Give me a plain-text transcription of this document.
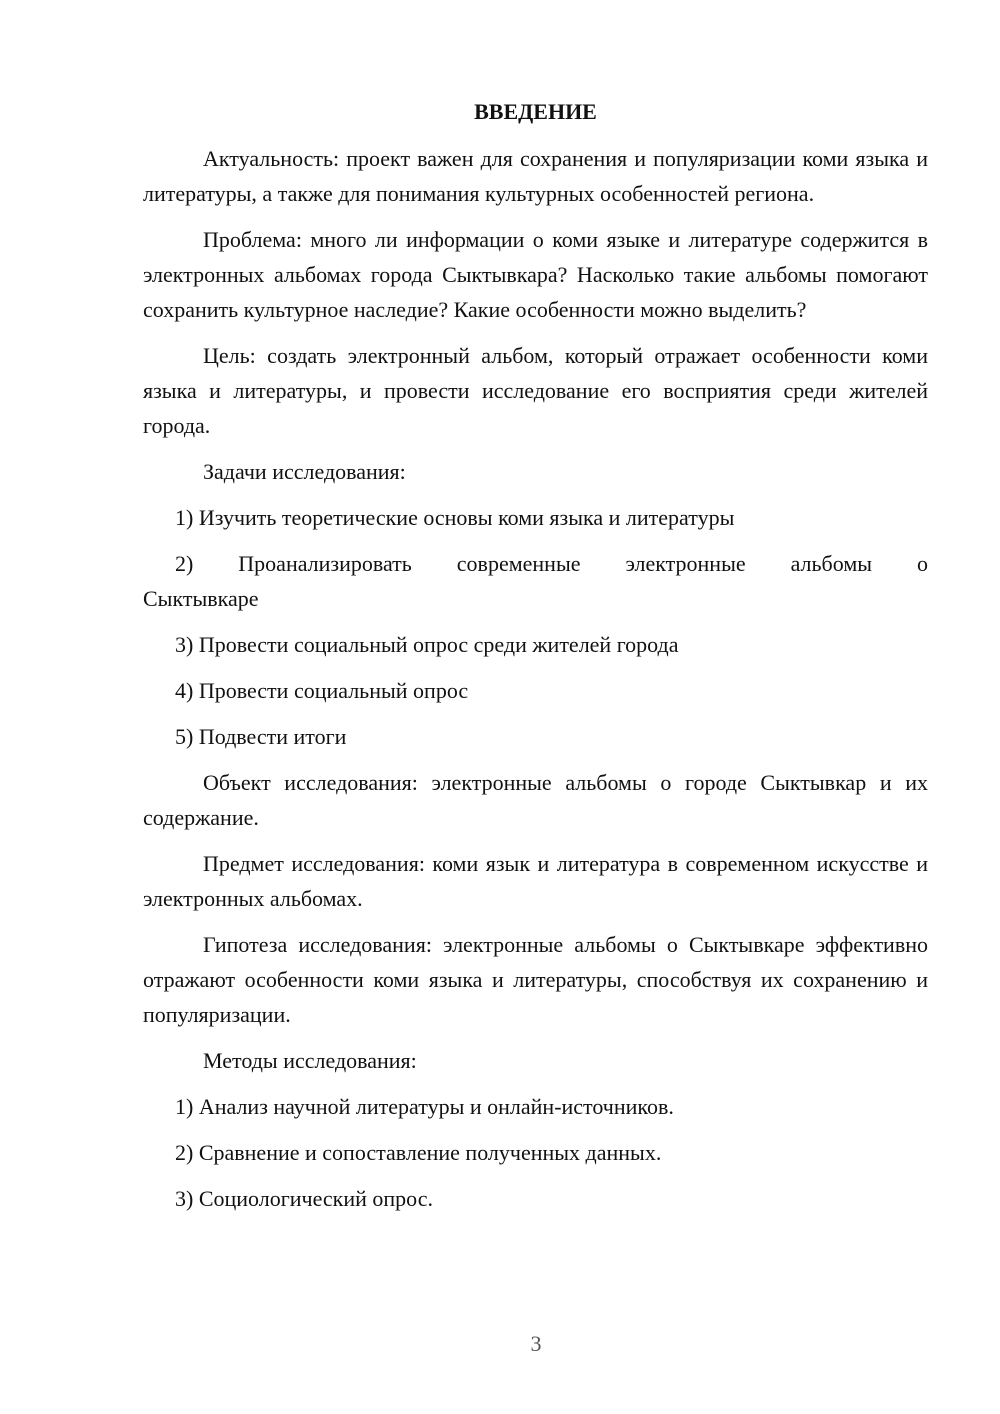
ВВЕДЕНИЕ

Актуальность: проект важен для сохранения и популяризации коми языка и литературы, а также для понимания культурных особенностей региона.

Проблема: много ли информации о коми языке и литературе содержится в электронных альбомах города Сыктывкара? Насколько такие альбомы помогают сохранить культурное наследие? Какие особенности можно выделить?

Цель: создать электронный альбом, который отражает особенности коми языка и литературы, и провести исследование его восприятия среди жителей города.

Задачи исследования:

1) Изучить теоретические основы коми языка и литературы

2) Проанализировать современные электронные альбомы о
Сыктывкаре

3) Провести социальный опрос среди жителей города

4) Провести социальный опрос

5) Подвести итоги

Объект исследования: электронные альбомы о городе Сыктывкар и их содержание.

Предмет исследования: коми язык и литература в современном искусстве и электронных альбомах.

Гипотеза исследования: электронные альбомы о Сыктывкаре эффективно отражают особенности коми языка и литературы, способствуя их сохранению и популяризации.

Методы исследования:

1) Анализ научной литературы и онлайн-источников.

2) Сравнение и сопоставление полученных данных.

3) Социологический опрос.

3
